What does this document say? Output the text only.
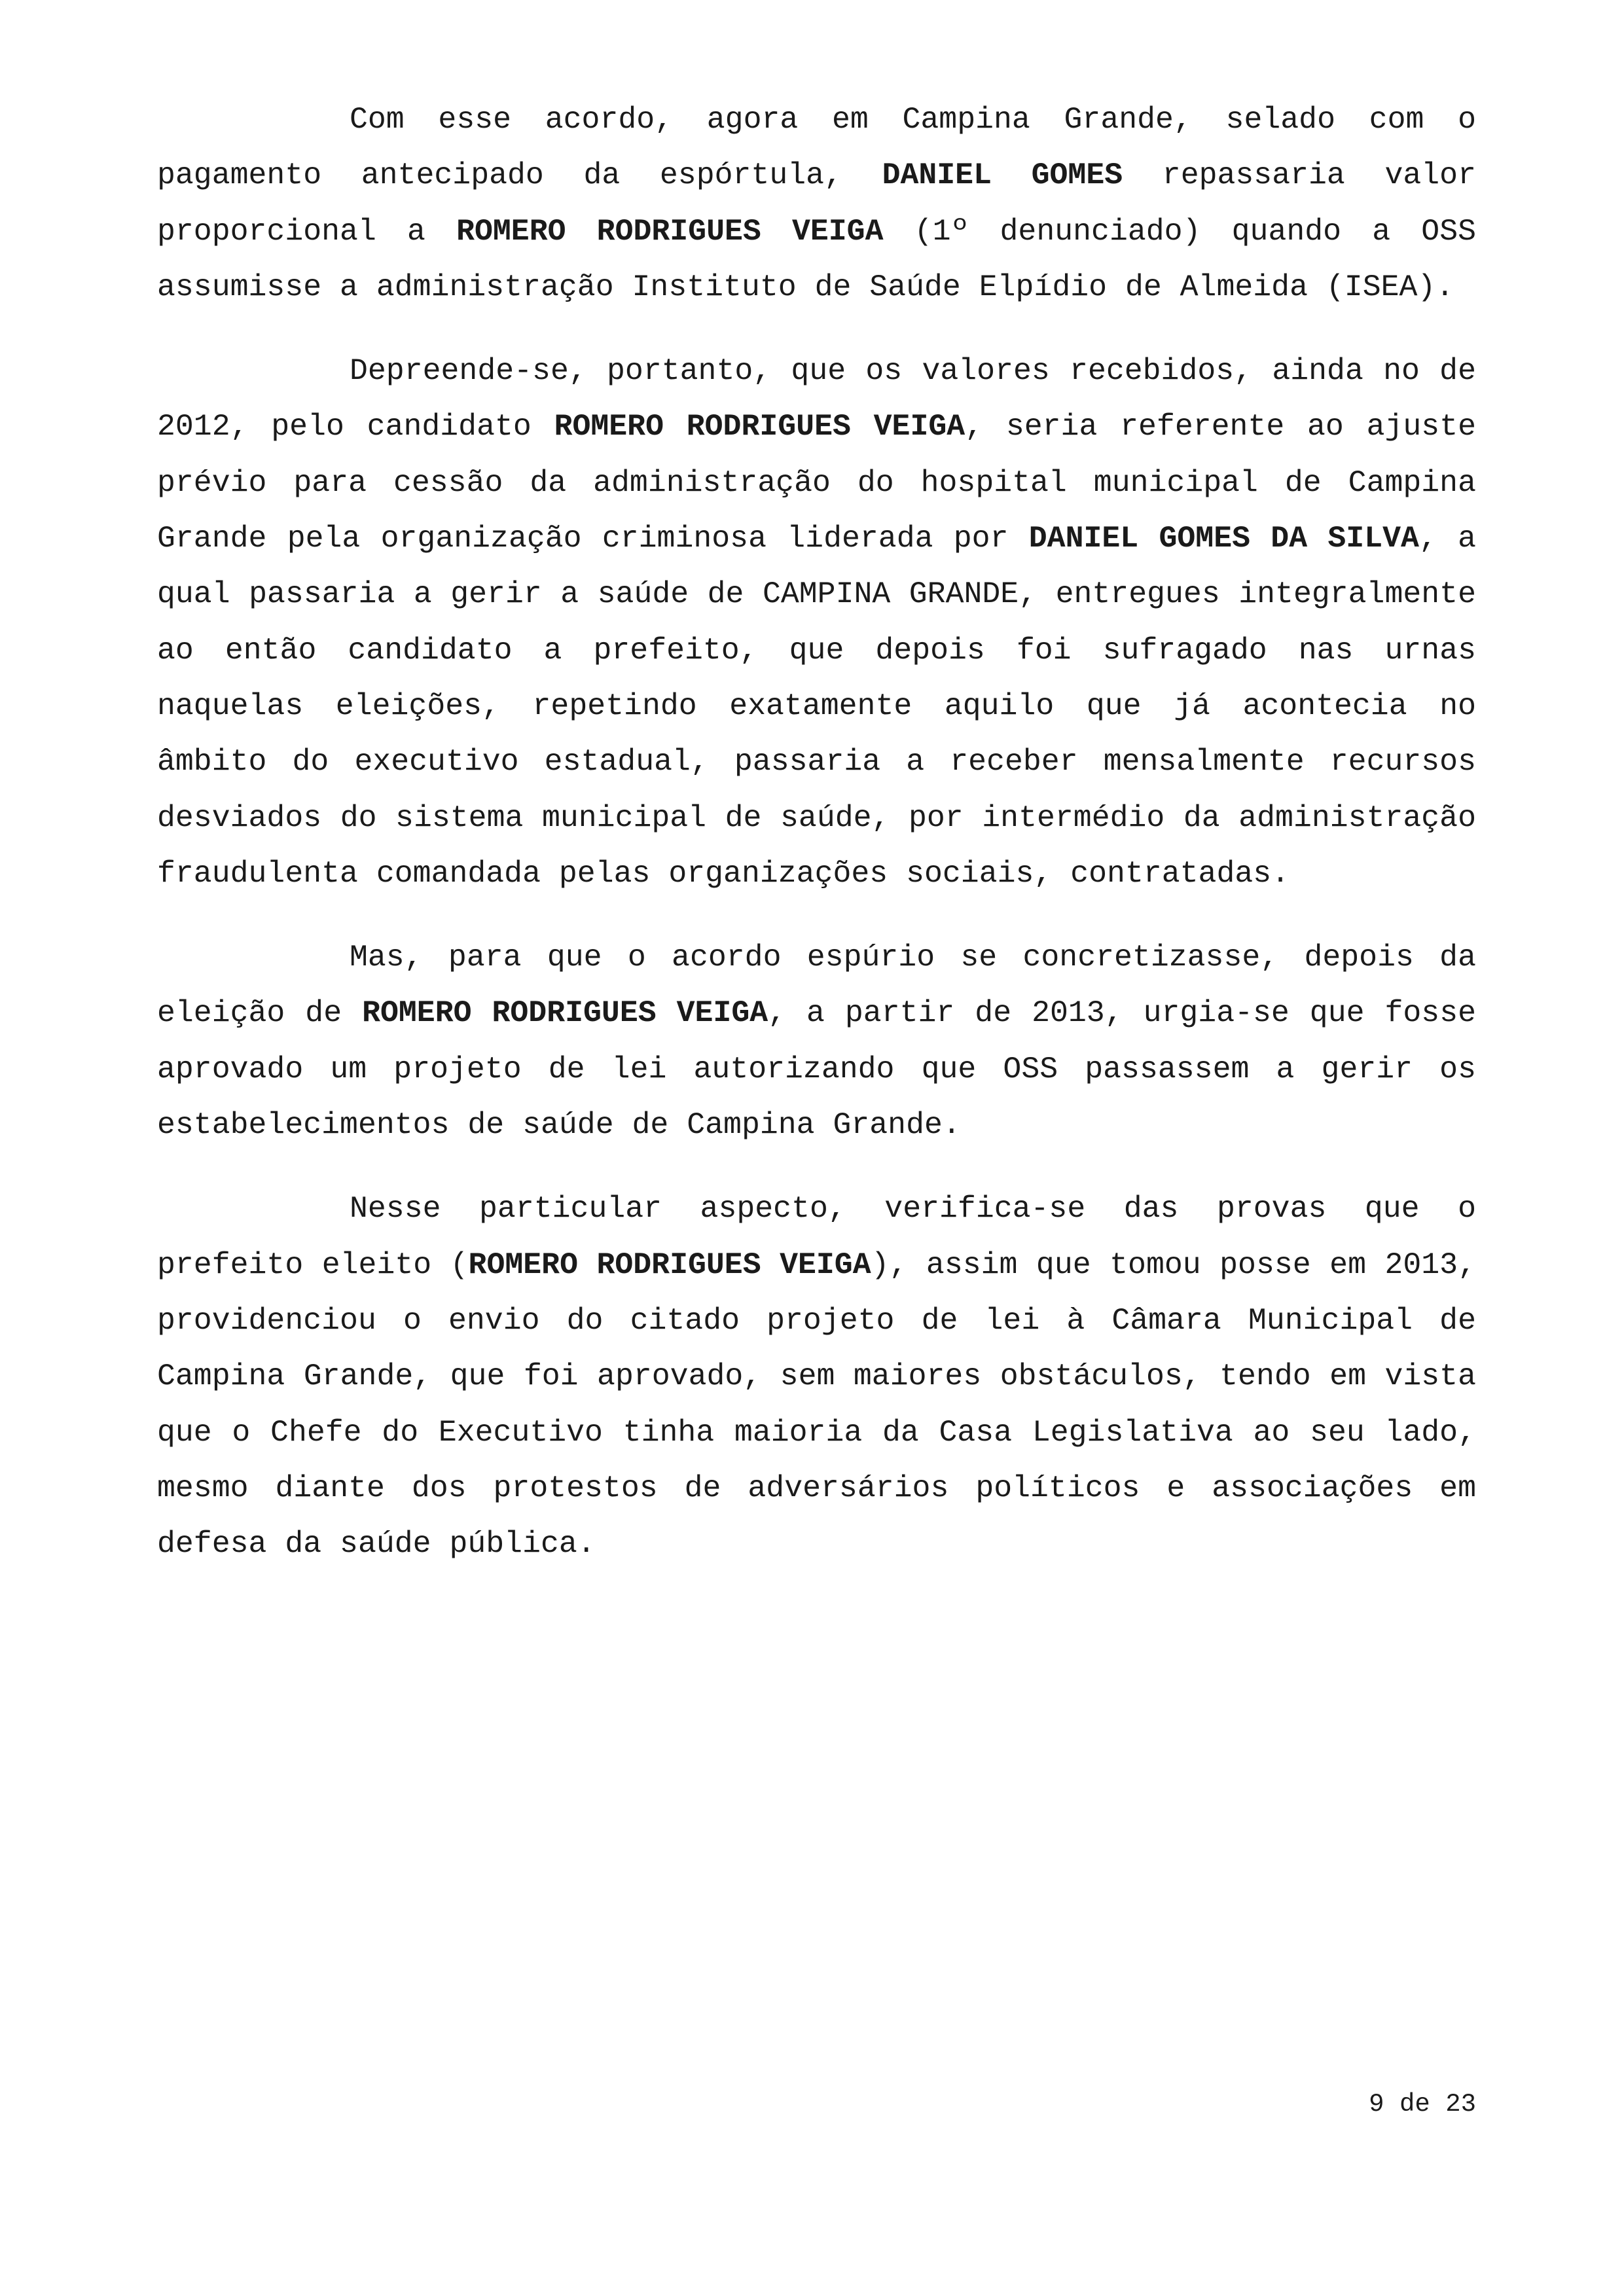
Com esse acordo, agora em Campina Grande, selado com o pagamento antecipado da espórtula, DANIEL GOMES repassaria valor proporcional a ROMERO RODRIGUES VEIGA (1º denunciado) quando a OSS assumisse a administração Instituto de Saúde Elpídio de Almeida (ISEA).

Depreende-se, portanto, que os valores recebidos, ainda no de 2012, pelo candidato ROMERO RODRIGUES VEIGA, seria referente ao ajuste prévio para cessão da administração do hospital municipal de Campina Grande pela organização criminosa liderada por DANIEL GOMES DA SILVA, a qual passaria a gerir a saúde de CAMPINA GRANDE, entregues integralmente ao então candidato a prefeito, que depois foi sufragado nas urnas naquelas eleições, repetindo exatamente aquilo que já acontecia no âmbito do executivo estadual, passaria a receber mensalmente recursos desviados do sistema municipal de saúde, por intermédio da administração fraudulenta comandada pelas organizações sociais, contratadas.

Mas, para que o acordo espúrio se concretizasse, depois da eleição de ROMERO RODRIGUES VEIGA, a partir de 2013, urgia-se que fosse aprovado um projeto de lei autorizando que OSS passassem a gerir os estabelecimentos de saúde de Campina Grande.

Nesse particular aspecto, verifica-se das provas que o prefeito eleito (ROMERO RODRIGUES VEIGA), assim que tomou posse em 2013, providenciou o envio do citado projeto de lei à Câmara Municipal de Campina Grande, que foi aprovado, sem maiores obstáculos, tendo em vista que o Chefe do Executivo tinha maioria da Casa Legislativa ao seu lado, mesmo diante dos protestos de adversários políticos e associações em defesa da saúde pública.

9 de 23
